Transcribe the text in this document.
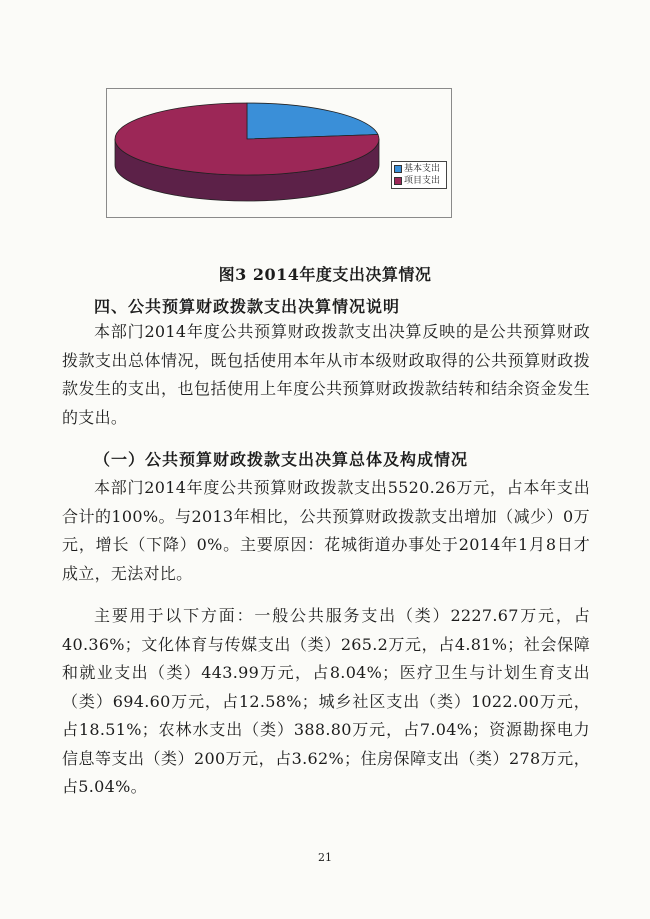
基本支出
项目支出
图3 2014年度支出决算情况
四、公共预算财政拨款支出决算情况说明

本部门2014年度公共预算财政拨款支出决算反映的是公共预算财政拨款支出总体情况，既包括使用本年从市本级财政取得的公共预算财政拨款发生的支出，也包括使用上年度公共预算财政拨款结转和结余资金发生的支出。

（一）公共预算财政拨款支出决算总体及构成情况

本部门2014年度公共预算财政拨款支出5520.26万元，占本年支出合计的100%。与2013年相比，公共预算财政拨款支出增加（减少）0万元，增长（下降）0%。主要原因：花城街道办事处于2014年1月8日才成立，无法对比。

主要用于以下方面：一般公共服务支出（类）2227.67万元，占40.36%；文化体育与传媒支出（类）265.2万元，占4.81%；社会保障和就业支出（类）443.99万元，占8.04%；医疗卫生与计划生育支出（类）694.60万元，占12.58%；城乡社区支出（类）1022.00万元，占18.51%；农林水支出（类）388.80万元，占7.04%；资源勘探电力信息等支出（类）200万元，占3.62%；住房保障支出（类）278万元，占5.04%。

21
